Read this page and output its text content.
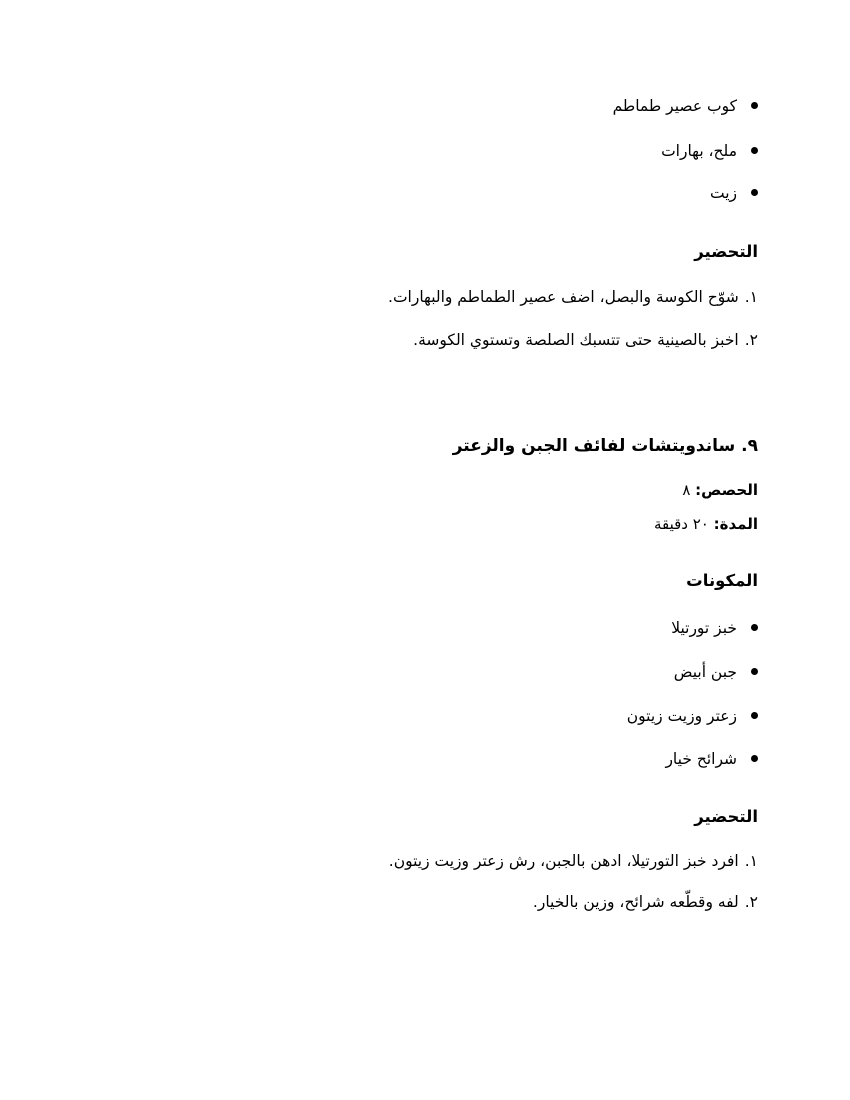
كوب عصير طماطم
ملح، بهارات
زيت
التحضير
١.شوّح الكوسة والبصل، اضف عصير الطماطم والبهارات.
٢.اخبز بالصينية حتى تتسبك الصلصة وتستوي الكوسة.
٩. ساندويتشات لفائف الجبن والزعتر
الحصص: ٨
المدة: ٢٠ دقيقة
المكونات
خبز تورتيلا
جبن أبيض
زعتر وزيت زيتون
شرائح خيار
التحضير
١.افرد خبز التورتيلا، ادهن بالجبن، رش زعتر وزيت زيتون.
٢.لفه وقطّعه شرائح، وزين بالخيار.
